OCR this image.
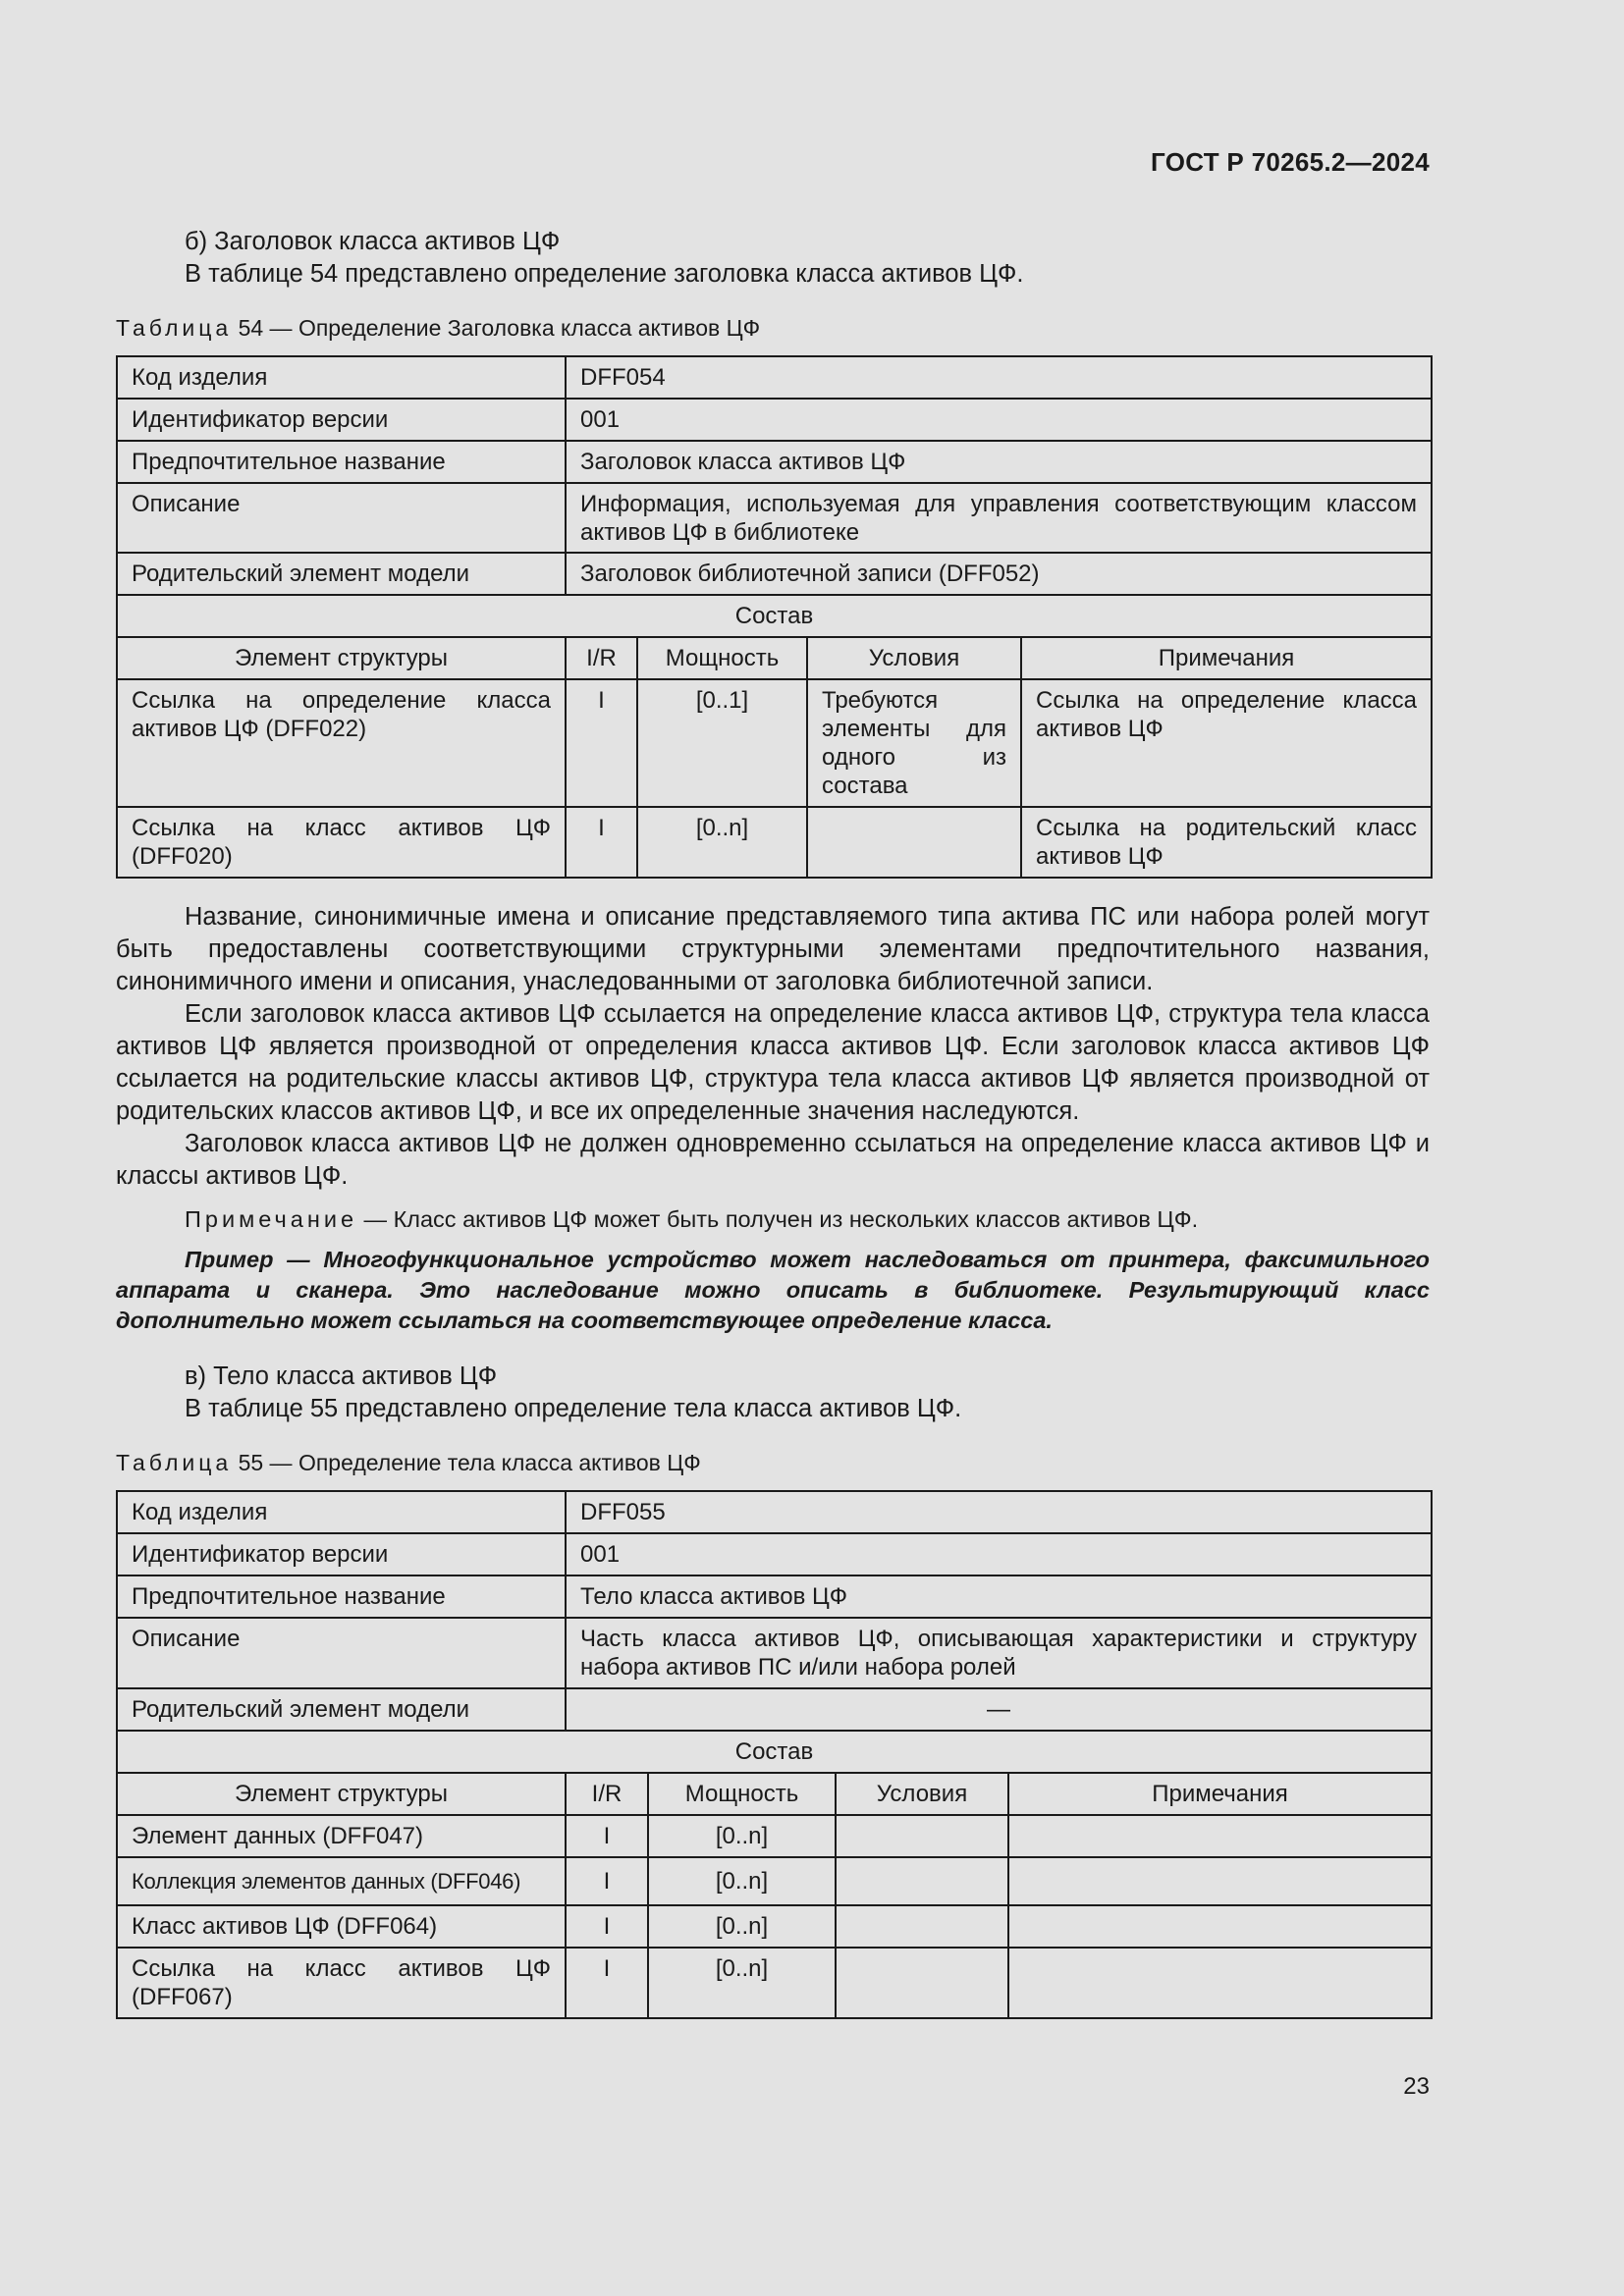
ГОСТ Р 70265.2—2024

б) Заголовок класса активов ЦФ

В таблице 54 представлено определение заголовка класса активов ЦФ.

Таблица 54 — Определение Заголовка класса активов ЦФ
Код изделия	DFF054			
Идентификатор версии	001			
Предпочтительное название	Заголовок класса активов ЦФ			
Описание	Информация, используемая для управления соответствующим классом активов ЦФ в библиотеке			
Родительский элемент модели	Заголовок библиотечной записи (DFF052)			
Состав				
Элемент структуры	I/R	Мощность	Условия	Примечания
Ссылка на определение класса активов ЦФ (DFF022)	I	[0..1]	Требуются элементы для одного из состава	Ссылка на определение класса активов ЦФ
Ссылка на класс активов ЦФ (DFF020)	I	[0..n]		Ссылка на родительский класс активов ЦФ

Название, синонимичные имена и описание представляемого типа актива ПС или набора ролей могут быть предоставлены соответствующими структурными элементами предпочтительного названия, синонимичного имени и описания, унаследованными от заголовка библиотечной записи.

Если заголовок класса активов ЦФ ссылается на определение класса активов ЦФ, структура тела класса активов ЦФ является производной от определения класса активов ЦФ. Если заголовок класса активов ЦФ ссылается на родительские классы активов ЦФ, структура тела класса активов ЦФ является производной от родительских классов активов ЦФ, и все их определенные значения наследуются.

Заголовок класса активов ЦФ не должен одновременно ссылаться на определение класса активов ЦФ и классы активов ЦФ.

Примечание — Класс активов ЦФ может быть получен из нескольких классов активов ЦФ.

Пример — Многофункциональное устройство может наследоваться от принтера, факсимильного аппарата и сканера. Это наследование можно описать в библиотеке. Результирующий класс дополнительно может ссылаться на соответствующее определение класса.

в) Тело класса активов ЦФ

В таблице 55 представлено определение тела класса активов ЦФ.

Таблица 55 — Определение тела класса активов ЦФ
Код изделия	DFF055			
Идентификатор версии	001			
Предпочтительное название	Тело класса активов ЦФ			
Описание	Часть класса активов ЦФ, описывающая характеристики и структуру набора активов ПС и/или набора ролей			
Родительский элемент модели	—			
Состав				
Элемент структуры	I/R	Мощность	Условия	Примечания
Элемент данных (DFF047)	I	[0..n]		
Коллекция элементов данных (DFF046)	I	[0..n]		
Класс активов ЦФ (DFF064)	I	[0..n]		
Ссылка на класс активов ЦФ (DFF067)	I	[0..n]		
23
